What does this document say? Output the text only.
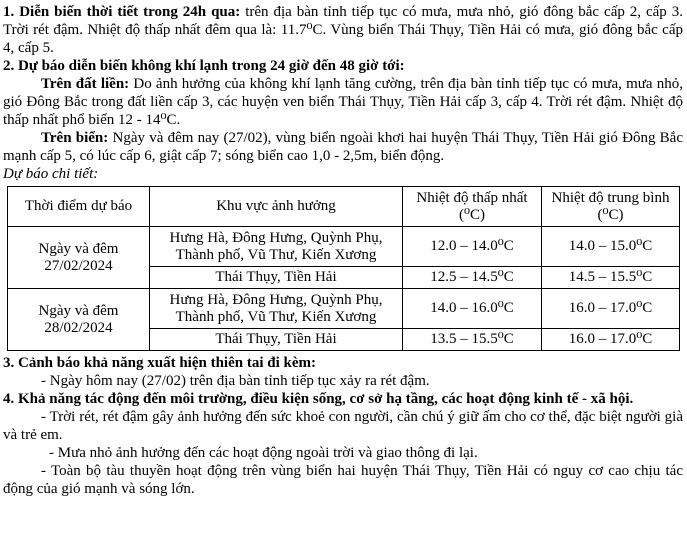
1. Diễn biến thời tiết trong 24h qua: trên địa bàn tỉnh tiếp tục có mưa, mưa nhỏ, gió đông bắc cấp 2, cấp 3. Trời rét đậm. Nhiệt độ thấp nhất đêm qua là: 11.7⁰C. Vùng biển Thái Thụy, Tiền Hải có mưa, gió đông bắc cấp 4, cấp 5.

2. Dự báo diễn biến không khí lạnh trong 24 giờ đến 48 giờ tới:

Trên đất liền: Do ảnh hưởng của không khí lạnh tăng cường, trên địa bàn tỉnh tiếp tục có mưa, mưa nhỏ, gió Đông Bắc trong đất liền cấp 3, các huyện ven biển Thái Thụy, Tiền Hải cấp 3, cấp 4. Trời rét đậm. Nhiệt độ thấp nhất phổ biến 12 - 14⁰C.

Trên biển: Ngày và đêm nay (27/02), vùng biển ngoài khơi hai huyện Thái Thụy, Tiền Hải gió Đông Bắc mạnh cấp 5, có lúc cấp 6, giật cấp 7; sóng biển cao 1,0 - 2,5m, biển động.

Dự báo chi tiết:

Thời điểm dự báo	Khu vực ảnh hưởng	Nhiệt độ thấp nhất (⁰C)	Nhiệt độ trung bình (⁰C)
Ngày và đêm 27/02/2024	Hưng Hà, Đông Hưng, Quỳnh Phụ, Thành phố, Vũ Thư, Kiến Xương	12.0 – 14.0⁰C	14.0 – 15.0⁰C
	Thái Thụy, Tiền Hải	12.5 – 14.5⁰C	14.5 – 15.5⁰C
Ngày và đêm 28/02/2024	Hưng Hà, Đông Hưng, Quỳnh Phụ, Thành phố, Vũ Thư, Kiến Xương	14.0 – 16.0⁰C	16.0 – 17.0⁰C
	Thái Thụy, Tiền Hải	13.5 – 15.5⁰C	16.0 – 17.0⁰C

3. Cảnh báo khả năng xuất hiện thiên tai đi kèm:

- Ngày hôm nay (27/02) trên địa bàn tỉnh tiếp tục xảy ra rét đậm.

4. Khả năng tác động đến môi trường, điều kiện sống, cơ sở hạ tầng, các hoạt động kinh tế - xã hội.

- Trời rét, rét đậm gây ảnh hưởng đến sức khoẻ con người, cần chú ý giữ ấm cho cơ thể, đặc biệt người già và trẻ em.

- Mưa nhỏ ảnh hưởng đến các hoạt động ngoài trời và giao thông đi lại.

- Toàn bộ tàu thuyền hoạt động trên vùng biển hai huyện Thái Thụy, Tiền Hải có nguy cơ cao chịu tác động của gió mạnh và sóng lớn.
